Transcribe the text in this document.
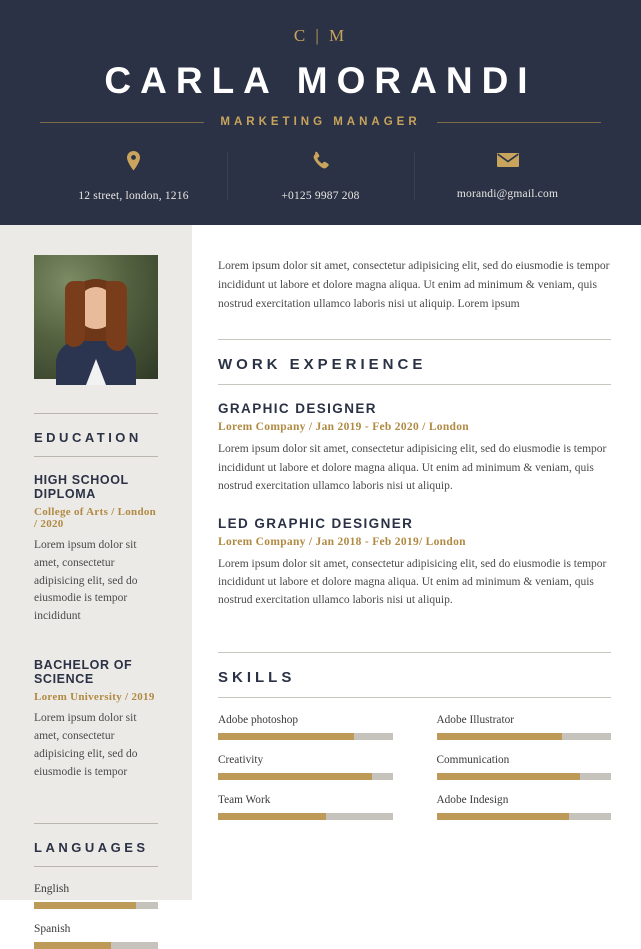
C | M
CARLA MORANDI
MARKETING MANAGER
12 street, london, 1216	+0125 9987 208	morandi@gmail.com
EDUCATION
HIGH SCHOOL DIPLOMA
College of Arts / London / 2020
Lorem ipsum dolor sit amet, consectetur adipisicing elit, sed do eiusmodie is tempor incididunt
BACHELOR OF SCIENCE
Lorem University / 2019
Lorem ipsum dolor sit amet, consectetur adipisicing elit, sed do eiusmodie is tempor
LANGUAGES
English
Spanish
Lorem ipsum dolor sit amet, consectetur adipisicing elit, sed do eiusmodie is tempor incididunt ut labore et dolore magna aliqua. Ut enim ad minimum & veniam, quis nostrud exercitation ullamco laboris nisi ut aliquip. Lorem ipsum
WORK EXPERIENCE
GRAPHIC DESIGNER
Lorem Company / Jan 2019 - Feb 2020 / London
Lorem ipsum dolor sit amet, consectetur adipisicing elit, sed do eiusmodie is tempor incididunt ut labore et dolore magna aliqua. Ut enim ad minimum & veniam, quis nostrud exercitation ullamco laboris nisi ut aliquip.
LED GRAPHIC DESIGNER
Lorem Company / Jan 2018 - Feb 2019/ London
Lorem ipsum dolor sit amet, consectetur adipisicing elit, sed do eiusmodie is tempor incididunt ut labore et dolore magna aliqua. Ut enim ad minimum & veniam, quis nostrud exercitation ullamco laboris nisi ut aliquip.
SKILLS
Adobe photoshop	Adobe Illustrator
Creativity	Communication
Team Work	Adobe Indesign
